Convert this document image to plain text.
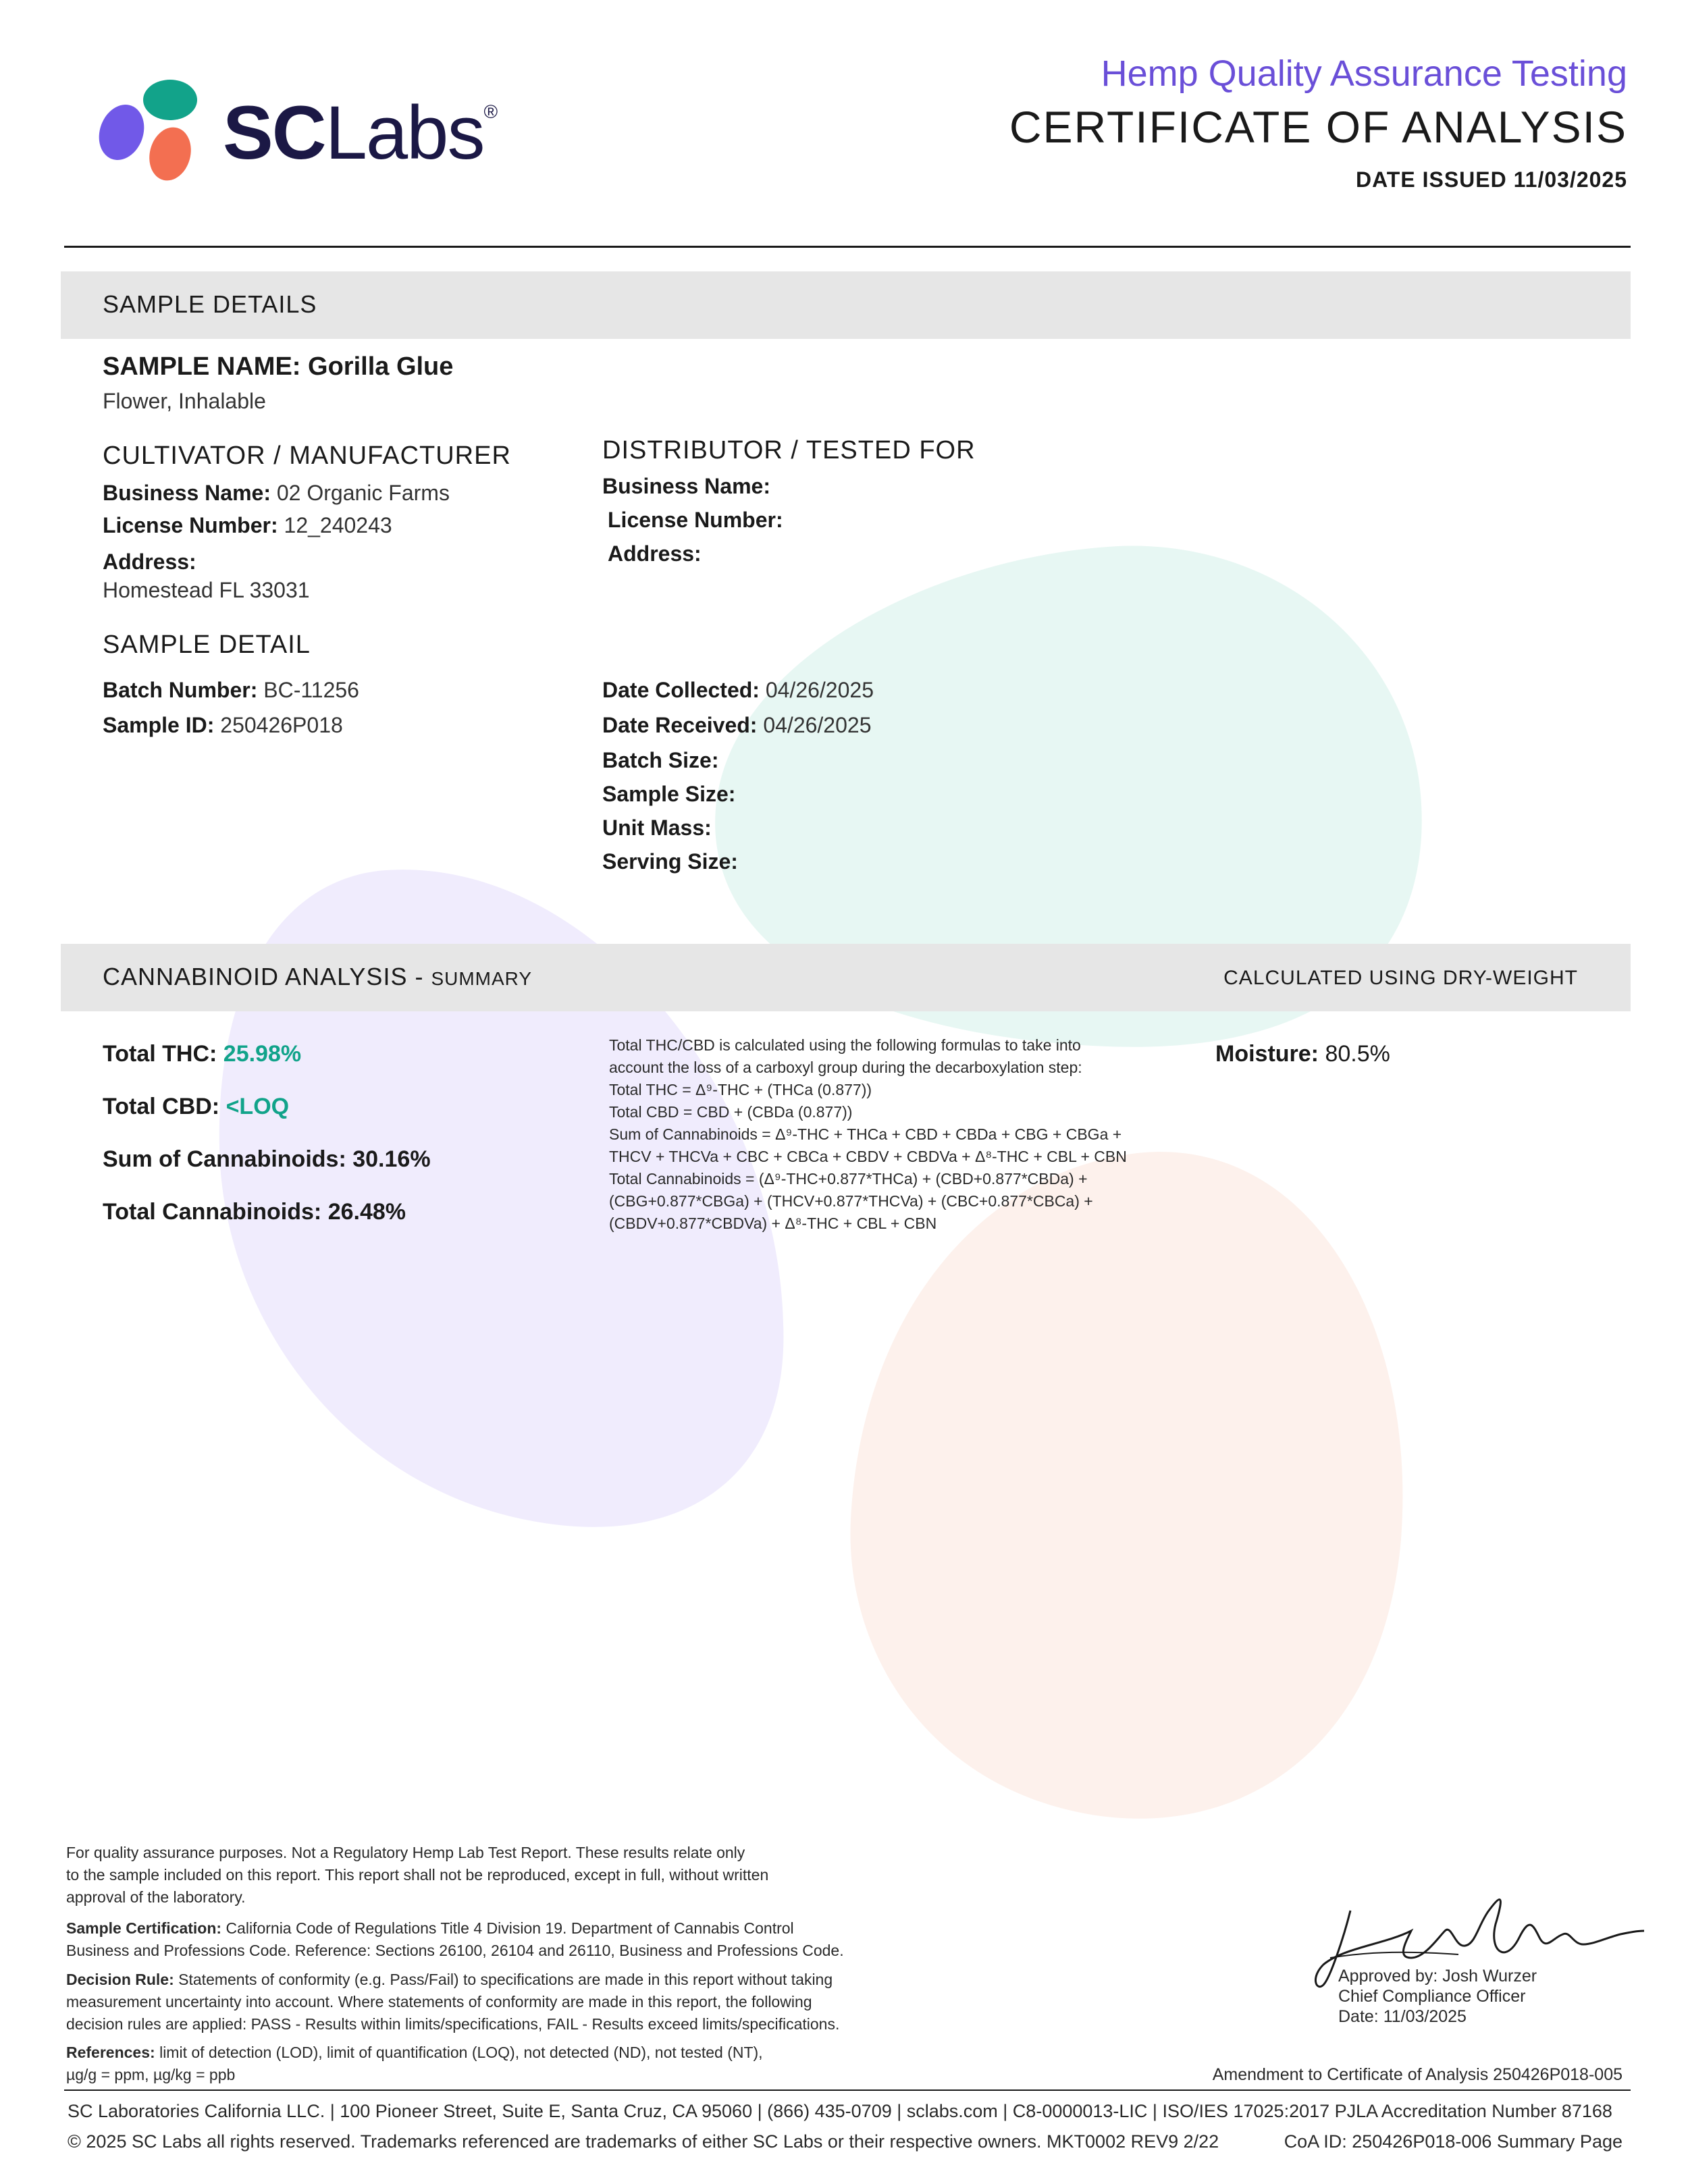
SCLabs®
Hemp Quality Assurance Testing
CERTIFICATE OF ANALYSIS
DATE ISSUED 11/03/2025
SAMPLE DETAILS
SAMPLE NAME: Gorilla Glue
Flower, Inhalable
CULTIVATOR / MANUFACTURER
Business Name: 02 Organic Farms
License Number: 12_240243
Address:
Homestead FL 33031
DISTRIBUTOR / TESTED FOR
Business Name:
License Number:
Address:
SAMPLE DETAIL
Batch Number: BC-11256
Sample ID: 250426P018
Date Collected: 04/26/2025
Date Received: 04/26/2025
Batch Size:
Sample Size:
Unit Mass:
Serving Size:
CANNABINOID ANALYSIS - SUMMARY	CALCULATED USING DRY-WEIGHT
Total THC: 25.98%
Total CBD: <LOQ
Sum of Cannabinoids: 30.16%
Total Cannabinoids: 26.48%
Total THC/CBD is calculated using the following formulas to take into
account the loss of a carboxyl group during the decarboxylation step:
Total THC = Δ⁹-THC + (THCa (0.877))
Total CBD = CBD + (CBDa (0.877))
Sum of Cannabinoids = Δ⁹-THC + THCa + CBD + CBDa + CBG + CBGa +
THCV + THCVa + CBC + CBCa + CBDV + CBDVa + Δ⁸-THC + CBL + CBN
Total Cannabinoids = (Δ⁹-THC+0.877*THCa) + (CBD+0.877*CBDa) +
(CBG+0.877*CBGa) + (THCV+0.877*THCVa) + (CBC+0.877*CBCa) +
(CBDV+0.877*CBDVa) + Δ⁸-THC + CBL + CBN
Moisture: 80.5%
For quality assurance purposes. Not a Regulatory Hemp Lab Test Report. These results relate only
to the sample included on this report. This report shall not be reproduced, except in full, without written
approval of the laboratory.
Sample Certification: California Code of Regulations Title 4 Division 19. Department of Cannabis Control
Business and Professions Code. Reference: Sections 26100, 26104 and 26110, Business and Professions Code.
Decision Rule: Statements of conformity (e.g. Pass/Fail) to specifications are made in this report without taking
measurement uncertainty into account. Where statements of conformity are made in this report, the following
decision rules are applied: PASS - Results within limits/specifications, FAIL - Results exceed limits/specifications.
References: limit of detection (LOD), limit of quantification (LOQ), not detected (ND), not tested (NT),
µg/g = ppm, µg/kg = ppb
Approved by: Josh Wurzer
Chief Compliance Officer
Date: 11/03/2025
Amendment to Certificate of Analysis 250426P018-005
SC Laboratories California LLC. | 100 Pioneer Street, Suite E, Santa Cruz, CA 95060 | (866) 435-0709 | sclabs.com | C8-0000013-LIC | ISO/IES 17025:2017 PJLA Accreditation Number 87168
© 2025 SC Labs all rights reserved. Trademarks referenced are trademarks of either SC Labs or their respective owners. MKT0002 REV9 2/22	CoA ID: 250426P018-006 Summary Page
